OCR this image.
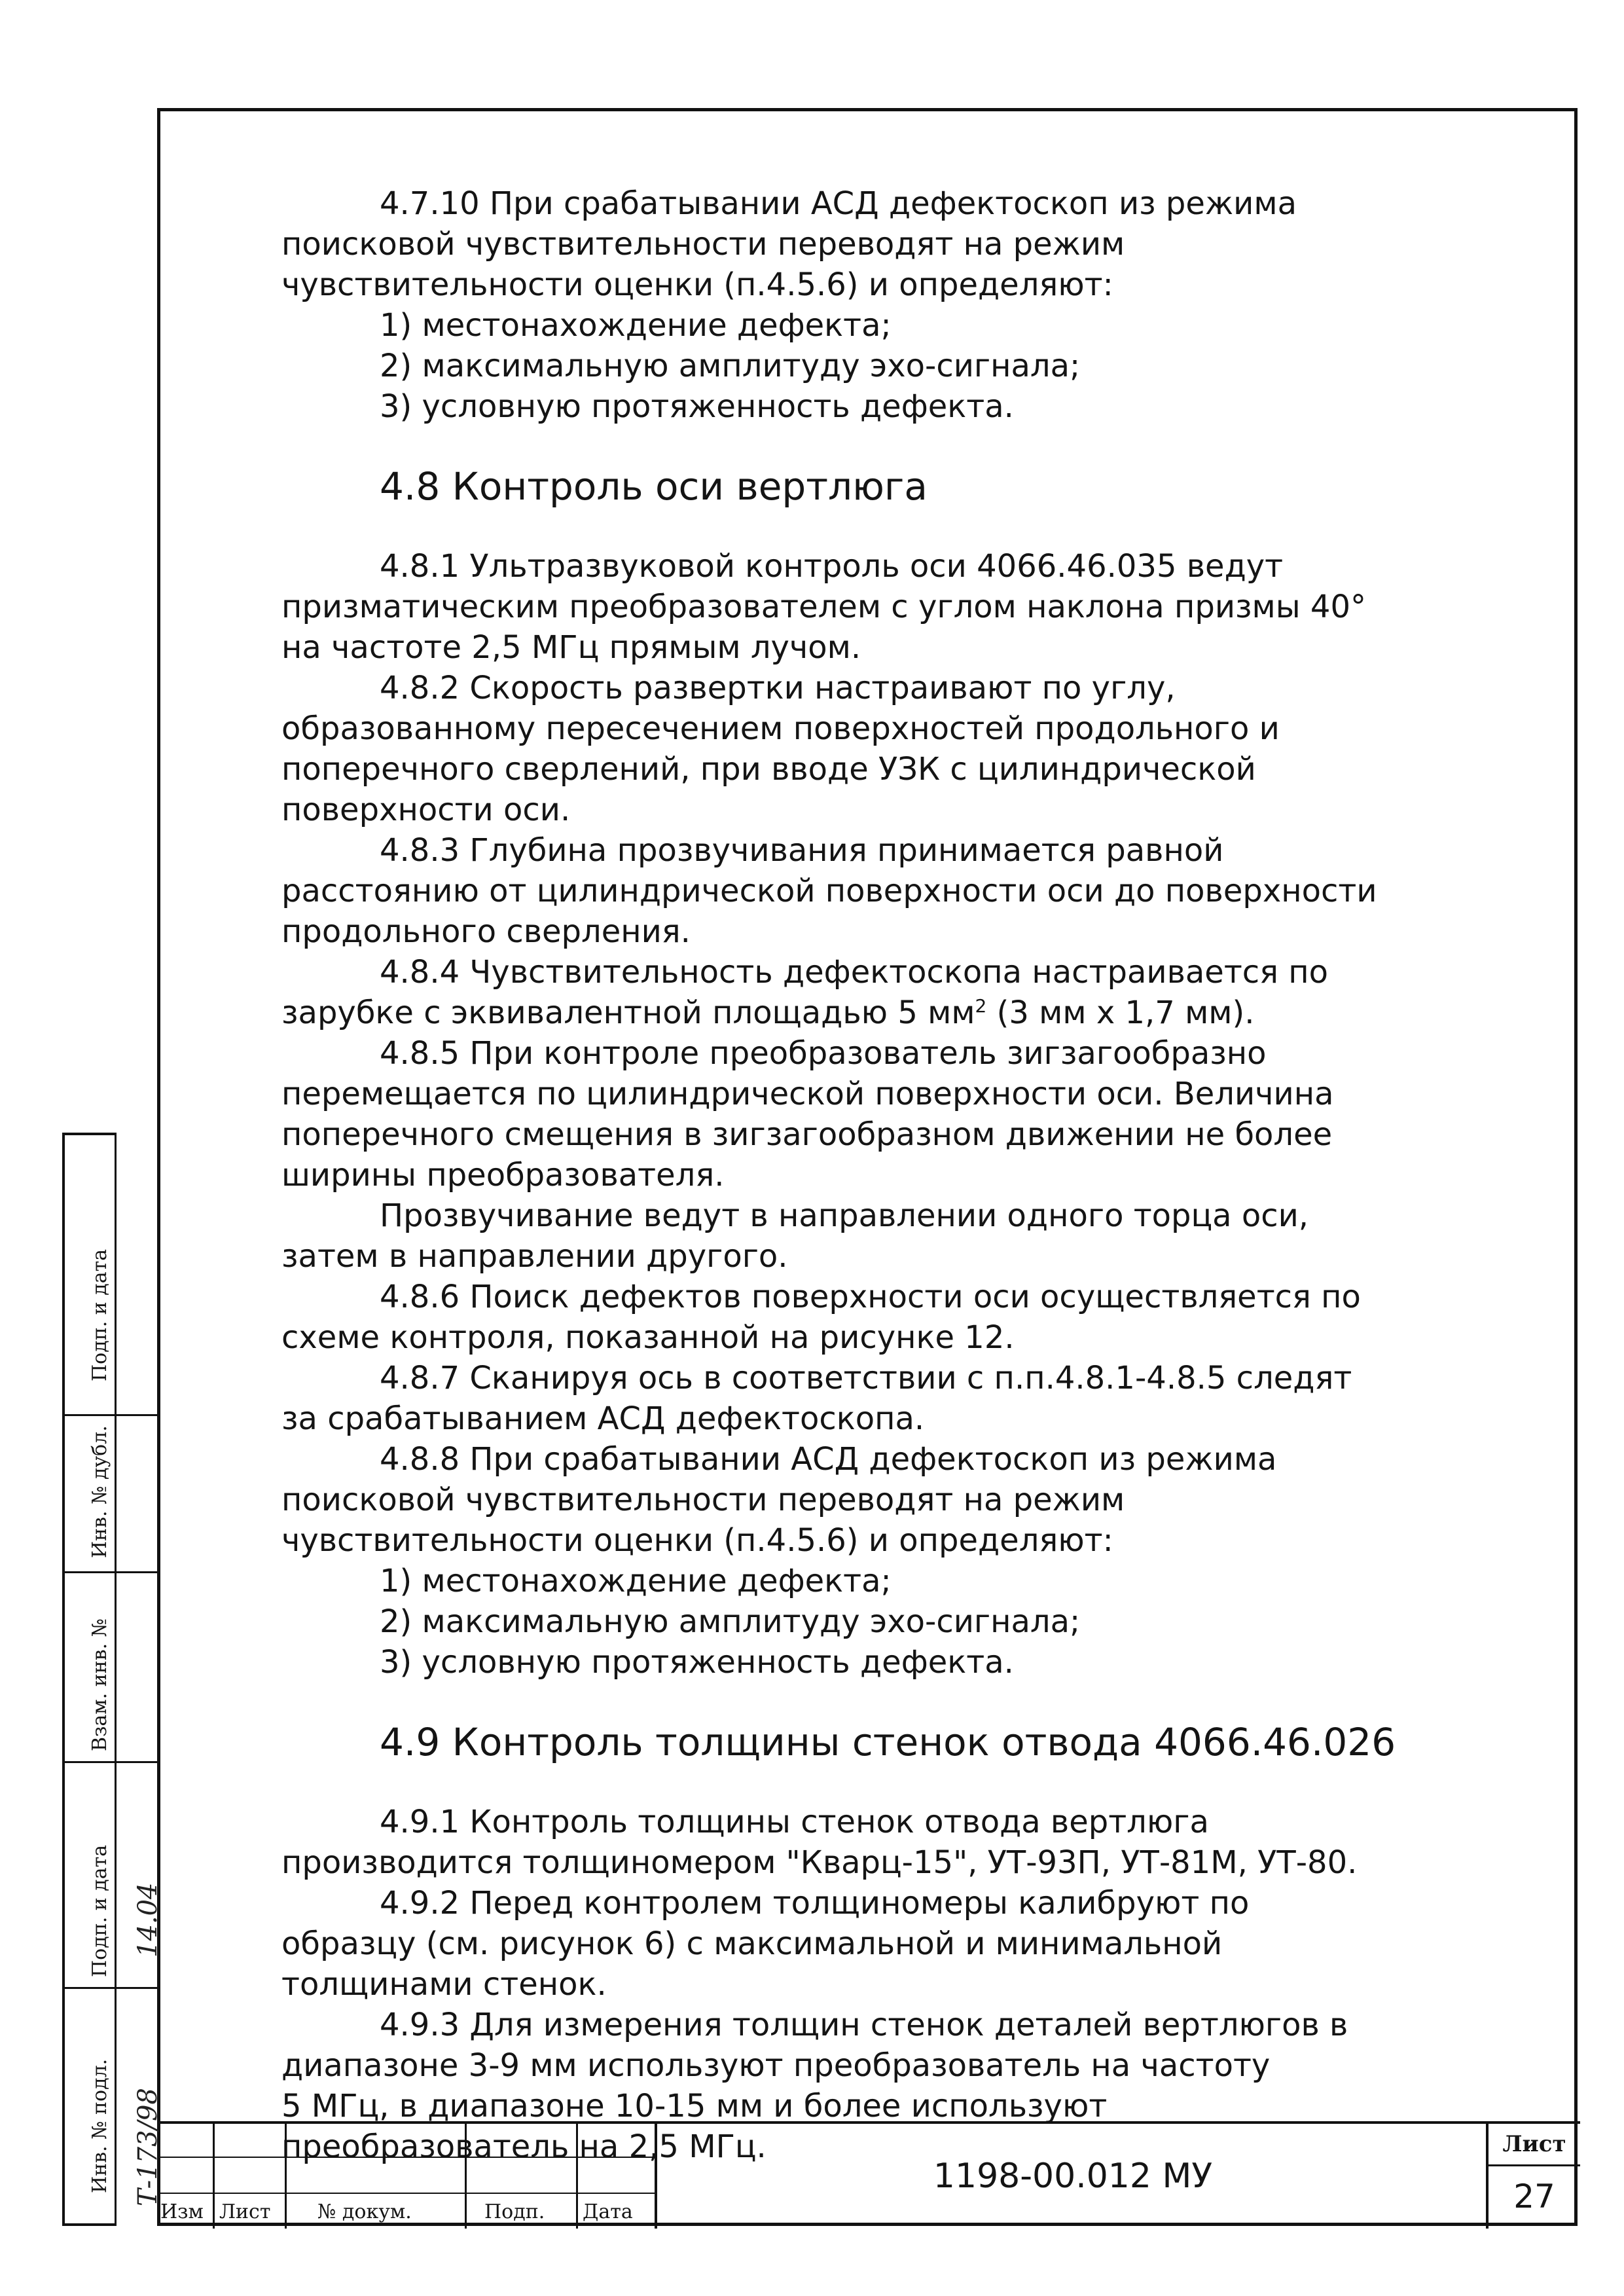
4.7.10 При срабатывании АСД дефектоскоп из режима

поисковой чувствительности переводят на режим

чувствительности оценки (п.4.5.6) и определяют:

1) местонахождение дефекта;

2) максимальную амплитуду эхо-сигнала;

3) условную протяженность дефекта.

4.8 Контроль оси вертлюга

4.8.1 Ультразвуковой контроль оси 4066.46.035 ведут

призматическим преобразователем с углом наклона призмы 40°

на частоте 2,5 МГц прямым лучом.

4.8.2 Скорость развертки настраивают по углу,

образованному пересечением поверхностей продольного и

поперечного сверлений, при вводе УЗК с цилиндрической

поверхности оси.

4.8.3 Глубина прозвучивания принимается равной

расстоянию от цилиндрической поверхности оси до поверхности

продольного сверления.

4.8.4 Чувствительность дефектоскопа настраивается по

зарубке с эквивалентной площадью 5 $мм^2$ (3 мм х 1,7 мм).

4.8.5 При контроле преобразователь зигзагообразно

перемещается по цилиндрической поверхности оси. Величина

поперечного смещения в зигзагообразном движении не более

ширины преобразователя.

Прозвучивание ведут в направлении одного торца оси,

затем в направлении другого.

4.8.6 Поиск дефектов поверхности оси осуществляется по

схеме контроля, показанной на рисунке 12.

4.8.7 Сканируя ось в соответствии с п.п.4.8.1-4.8.5 следят

за срабатыванием АСД дефектоскопа.

4.8.8 При срабатывании АСД дефектоскоп из режима

поисковой чувствительности переводят на режим

чувствительности оценки (п.4.5.6) и определяют:

1) местонахождение дефекта;

2) максимальную амплитуду эхо-сигнала;

3) условную протяженность дефекта.

4.9 Контроль толщины стенок отвода 4066.46.026

4.9.1 Контроль толщины стенок отвода вертлюга

производится толщиномером "Кварц-15", УТ-93П, УТ-81М, УТ-80.

4.9.2 Перед контролем толщиномеры калибруют по

образцу (см. рисунок 6) с максимальной и минимальной

толщинами стенок.

4.9.3 Для измерения толщин стенок деталей вертлюгов в

диапазоне 3-9 мм используют преобразователь на частоту

5 МГц, в диапазоне 10-15 мм и более используют

преобразователь на 2,5 МГц.

Подп. и дата
Инв. № дубл.
Взам. инв. №
Подп. и дата
Инв. № подл.
14.04
Т-173/98
Изм Лист № докум.	Подп. Дата
1198-00.012 МУ
Лист
27
